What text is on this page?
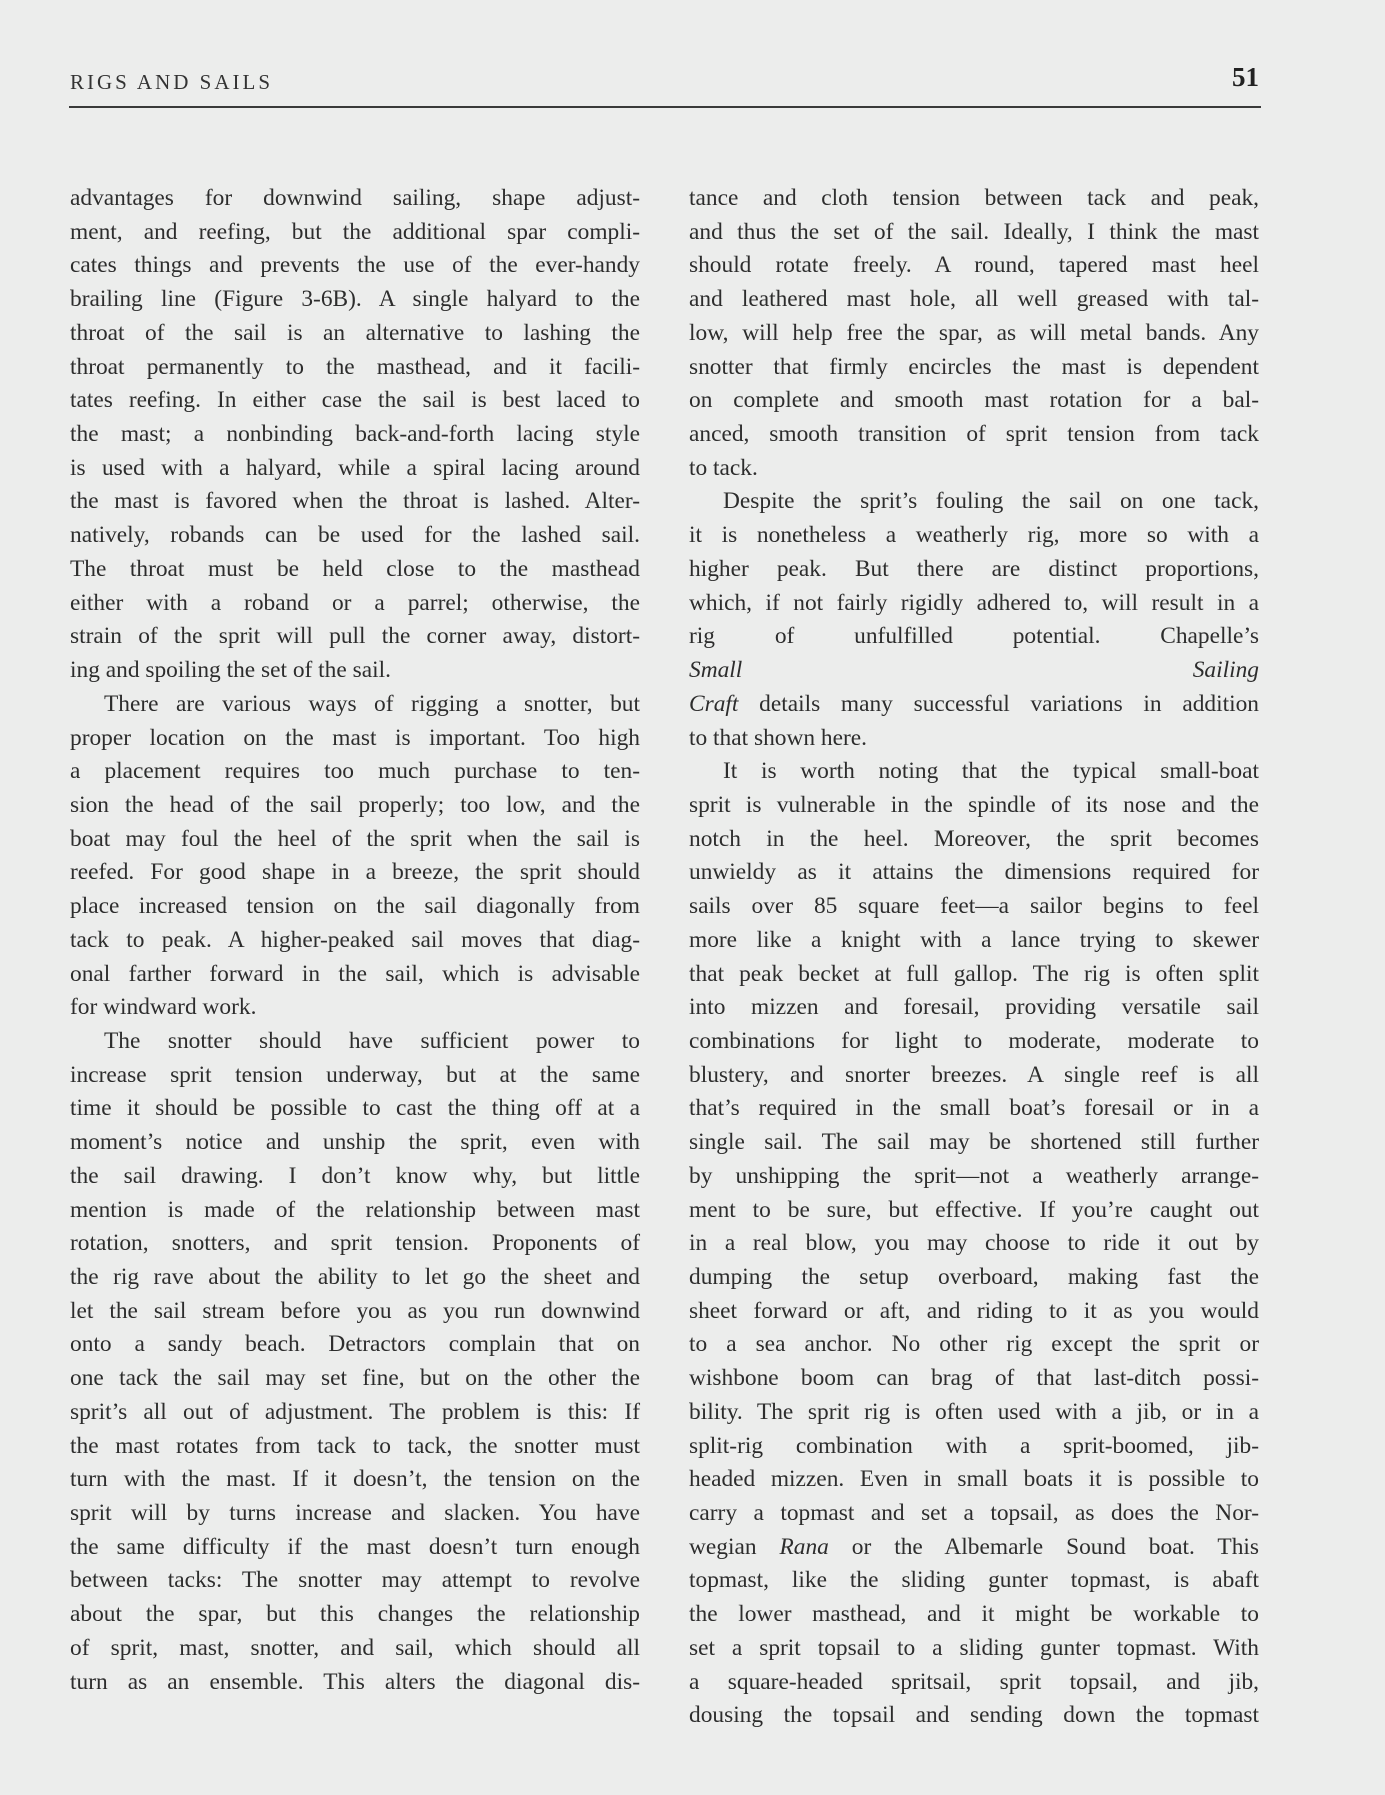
RIGS AND SAILS	51
advantages for downwind sailing, shape adjust-
ment, and reefing, but the additional spar compli-
cates things and prevents the use of the ever-handy
brailing line (Figure 3-6B). A single halyard to the
throat of the sail is an alternative to lashing the
throat permanently to the masthead, and it facili-
tates reefing. In either case the sail is best laced to
the mast; a nonbinding back-and-forth lacing style
is used with a halyard, while a spiral lacing around
the mast is favored when the throat is lashed. Alter-
natively, robands can be used for the lashed sail.
The throat must be held close to the masthead
either with a roband or a parrel; otherwise, the
strain of the sprit will pull the corner away, distort-
ing and spoiling the set of the sail.
There are various ways of rigging a snotter, but
proper location on the mast is important. Too high
a placement requires too much purchase to ten-
sion the head of the sail properly; too low, and the
boat may foul the heel of the sprit when the sail is
reefed. For good shape in a breeze, the sprit should
place increased tension on the sail diagonally from
tack to peak. A higher-peaked sail moves that diag-
onal farther forward in the sail, which is advisable
for windward work.
The snotter should have sufficient power to
increase sprit tension underway, but at the same
time it should be possible to cast the thing off at a
moment’s notice and unship the sprit, even with
the sail drawing. I don’t know why, but little
mention is made of the relationship between mast
rotation, snotters, and sprit tension. Proponents of
the rig rave about the ability to let go the sheet and
let the sail stream before you as you run downwind
onto a sandy beach. Detractors complain that on
one tack the sail may set fine, but on the other the
sprit’s all out of adjustment. The problem is this: If
the mast rotates from tack to tack, the snotter must
turn with the mast. If it doesn’t, the tension on the
sprit will by turns increase and slacken. You have
the same difficulty if the mast doesn’t turn enough
between tacks: The snotter may attempt to revolve
about the spar, but this changes the relationship
of sprit, mast, snotter, and sail, which should all
turn as an ensemble. This alters the diagonal dis-
tance and cloth tension between tack and peak,
and thus the set of the sail. Ideally, I think the mast
should rotate freely. A round, tapered mast heel
and leathered mast hole, all well greased with tal-
low, will help free the spar, as will metal bands. Any
snotter that firmly encircles the mast is dependent
on complete and smooth mast rotation for a bal-
anced, smooth transition of sprit tension from tack
to tack.
Despite the sprit’s fouling the sail on one tack,
it is nonetheless a weatherly rig, more so with a
higher peak. But there are distinct proportions,
which, if not fairly rigidly adhered to, will result in a
rig of unfulfilled potential. Chapelle’s
Small Sailing
Craft details many successful variations in addition
to that shown here.
It is worth noting that the typical small-boat
sprit is vulnerable in the spindle of its nose and the
notch in the heel. Moreover, the sprit becomes
unwieldy as it attains the dimensions required for
sails over 85 square feet—a sailor begins to feel
more like a knight with a lance trying to skewer
that peak becket at full gallop. The rig is often split
into mizzen and foresail, providing versatile sail
combinations for light to moderate, moderate to
blustery, and snorter breezes. A single reef is all
that’s required in the small boat’s foresail or in a
single sail. The sail may be shortened still further
by unshipping the sprit—not a weatherly arrange-
ment to be sure, but effective. If you’re caught out
in a real blow, you may choose to ride it out by
dumping the setup overboard, making fast the
sheet forward or aft, and riding to it as you would
to a sea anchor. No other rig except the sprit or
wishbone boom can brag of that last-ditch possi-
bility. The sprit rig is often used with a jib, or in a
split-rig combination with a sprit-boomed, jib-
headed mizzen. Even in small boats it is possible to
carry a topmast and set a topsail, as does the Nor-
wegian Rana or the Albemarle Sound boat. This
topmast, like the sliding gunter topmast, is abaft
the lower masthead, and it might be workable to
set a sprit topsail to a sliding gunter topmast. With
a square-headed spritsail, sprit topsail, and jib,
dousing the topsail and sending down the topmast
